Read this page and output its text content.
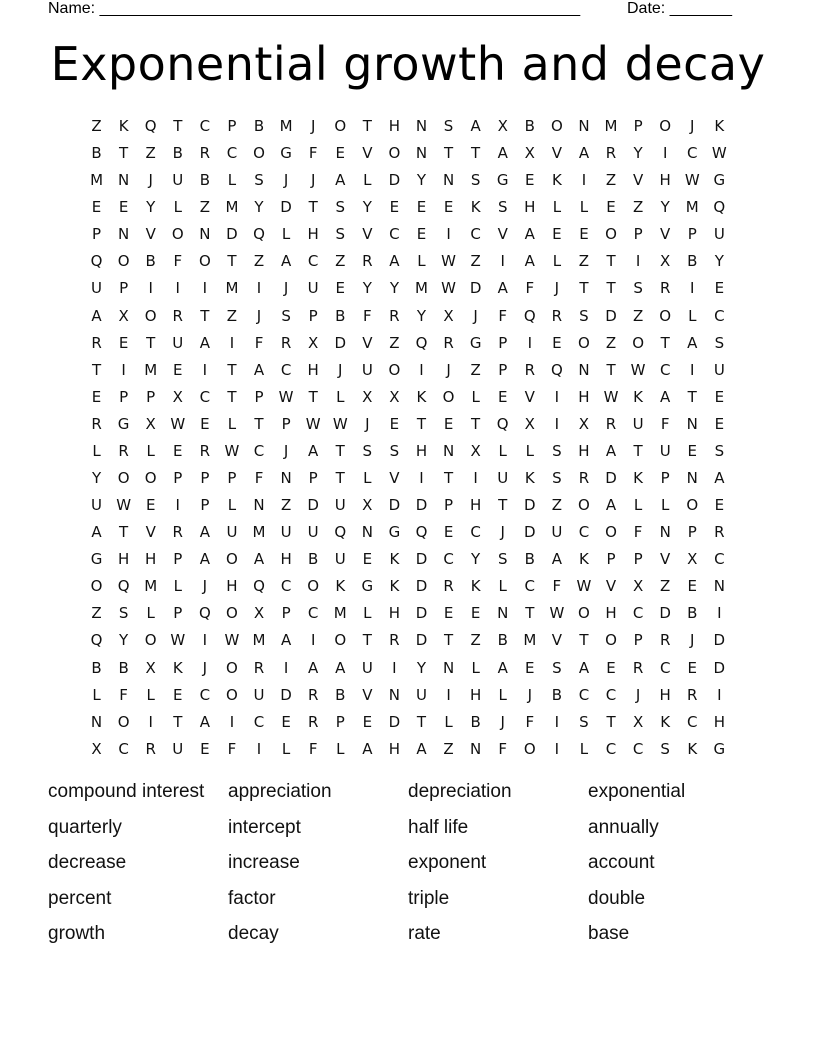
Name: ______________________________________________________	Date: _______
Exponential growth and decay
Z	K	Q	T	C	P	B	M	J	O	T	H	N	S	A	X	B	O	N M	P	O	J	K
B	T	Z	B	R	C	O	G	F	E	V	O	N	T	T	A	X	V	A	R	Y	I	C W
M N	J	U	B	L	S	J	J	A	L	D	Y	N	S	G	E	K	I	Z	V	H W G
E	E	Y	L	Z	M	Y	D	T	S	Y	E	E	E	K	S	H	L	L	E	Z	Y	M Q
P	N	V	O	N	D	Q	L	H	S	V	C	E	I	C	V	A	E	E	O	P	V	P	U
Q	O	B	F	O	T	Z	A	C	Z	R	A	L	W Z	I	A	L	Z	T	I	X	B	Y
U	P	I	I	I	M	I	J	U	E	Y	Y	M W D	A	F	J	T	T	S	R	I	E
A	X	O	R	T	Z	J	S	P	B	F	R	Y	X	J	F	Q	R	S	D	Z	O	L	C
R	E	T	U	A	I	F	R	X	D	V	Z	Q	R	G	P	I	E	O	Z	O	T	A	S
T	I	M	E	I	T	A	C	H	J	U	O	I	J	Z	P	R	Q	N	T	W C	I	U
E	P	P	X	C	T	P	W	T	L	X	X	K	O	L	E	V	I	H W K	A	T	E
R	G	X W E	L	T	P	W W	J	E	T	E	T	Q	X	I	X	R	U	F	N	E
L	R	L	E	R W C	J	A	T	S	S	H	N	X	L	L	S	H	A	T	U	E	S
Y	O	O	P	P	P	F	N	P	T	L	V	I	T	I	U	K	S	R	D	K	P	N	A
U W E	I	P	L	N	Z	D	U	X	D	D	P	H	T	D	Z	O	A	L	L	O	E
A	T	V	R	A	U	M	U	U	Q	N	G	Q	E	C	J	D	U	C	O	F	N	P	R
G	H	H	P	A	O	A	H	B	U	E	K	D	C	Y	S	B	A	K	P	P	V	X	C
O	Q M	L	J	H	Q	C	O	K	G	K	D	R	K	L	C	F	W V	X	Z	E	N
Z	S	L	P	Q	O	X	P	C	M	L	H	D	E	E	N	T	W O	H	C	D	B	I
Q	Y	O W	I	W M	A	I	O	T	R	D	T	Z	B	M	V	T	O	P	R	J	D
B	B	X	K	J	O	R	I	A	A	U	I	Y	N	L	A	E	S	A	E	R	C	E	D
L	F	L	E	C	O	U	D	R	B	V	N	U	I	H	L	J	B	C	C	J	H	R	I
N	O	I	T	A	I	C	E	R	P	E	D	T	L	B	J	F	I	S	T	X	K	C	H
X	C	R	U	E	F	I	L	F	L	A	H	A	Z	N	F	O	I	L	C	C	S	K	G
compound interest	appreciation	depreciation	exponential
quarterly	intercept	half life	annually
decrease	increase	exponent	account
percent	factor	triple	double
growth	decay	rate	base
